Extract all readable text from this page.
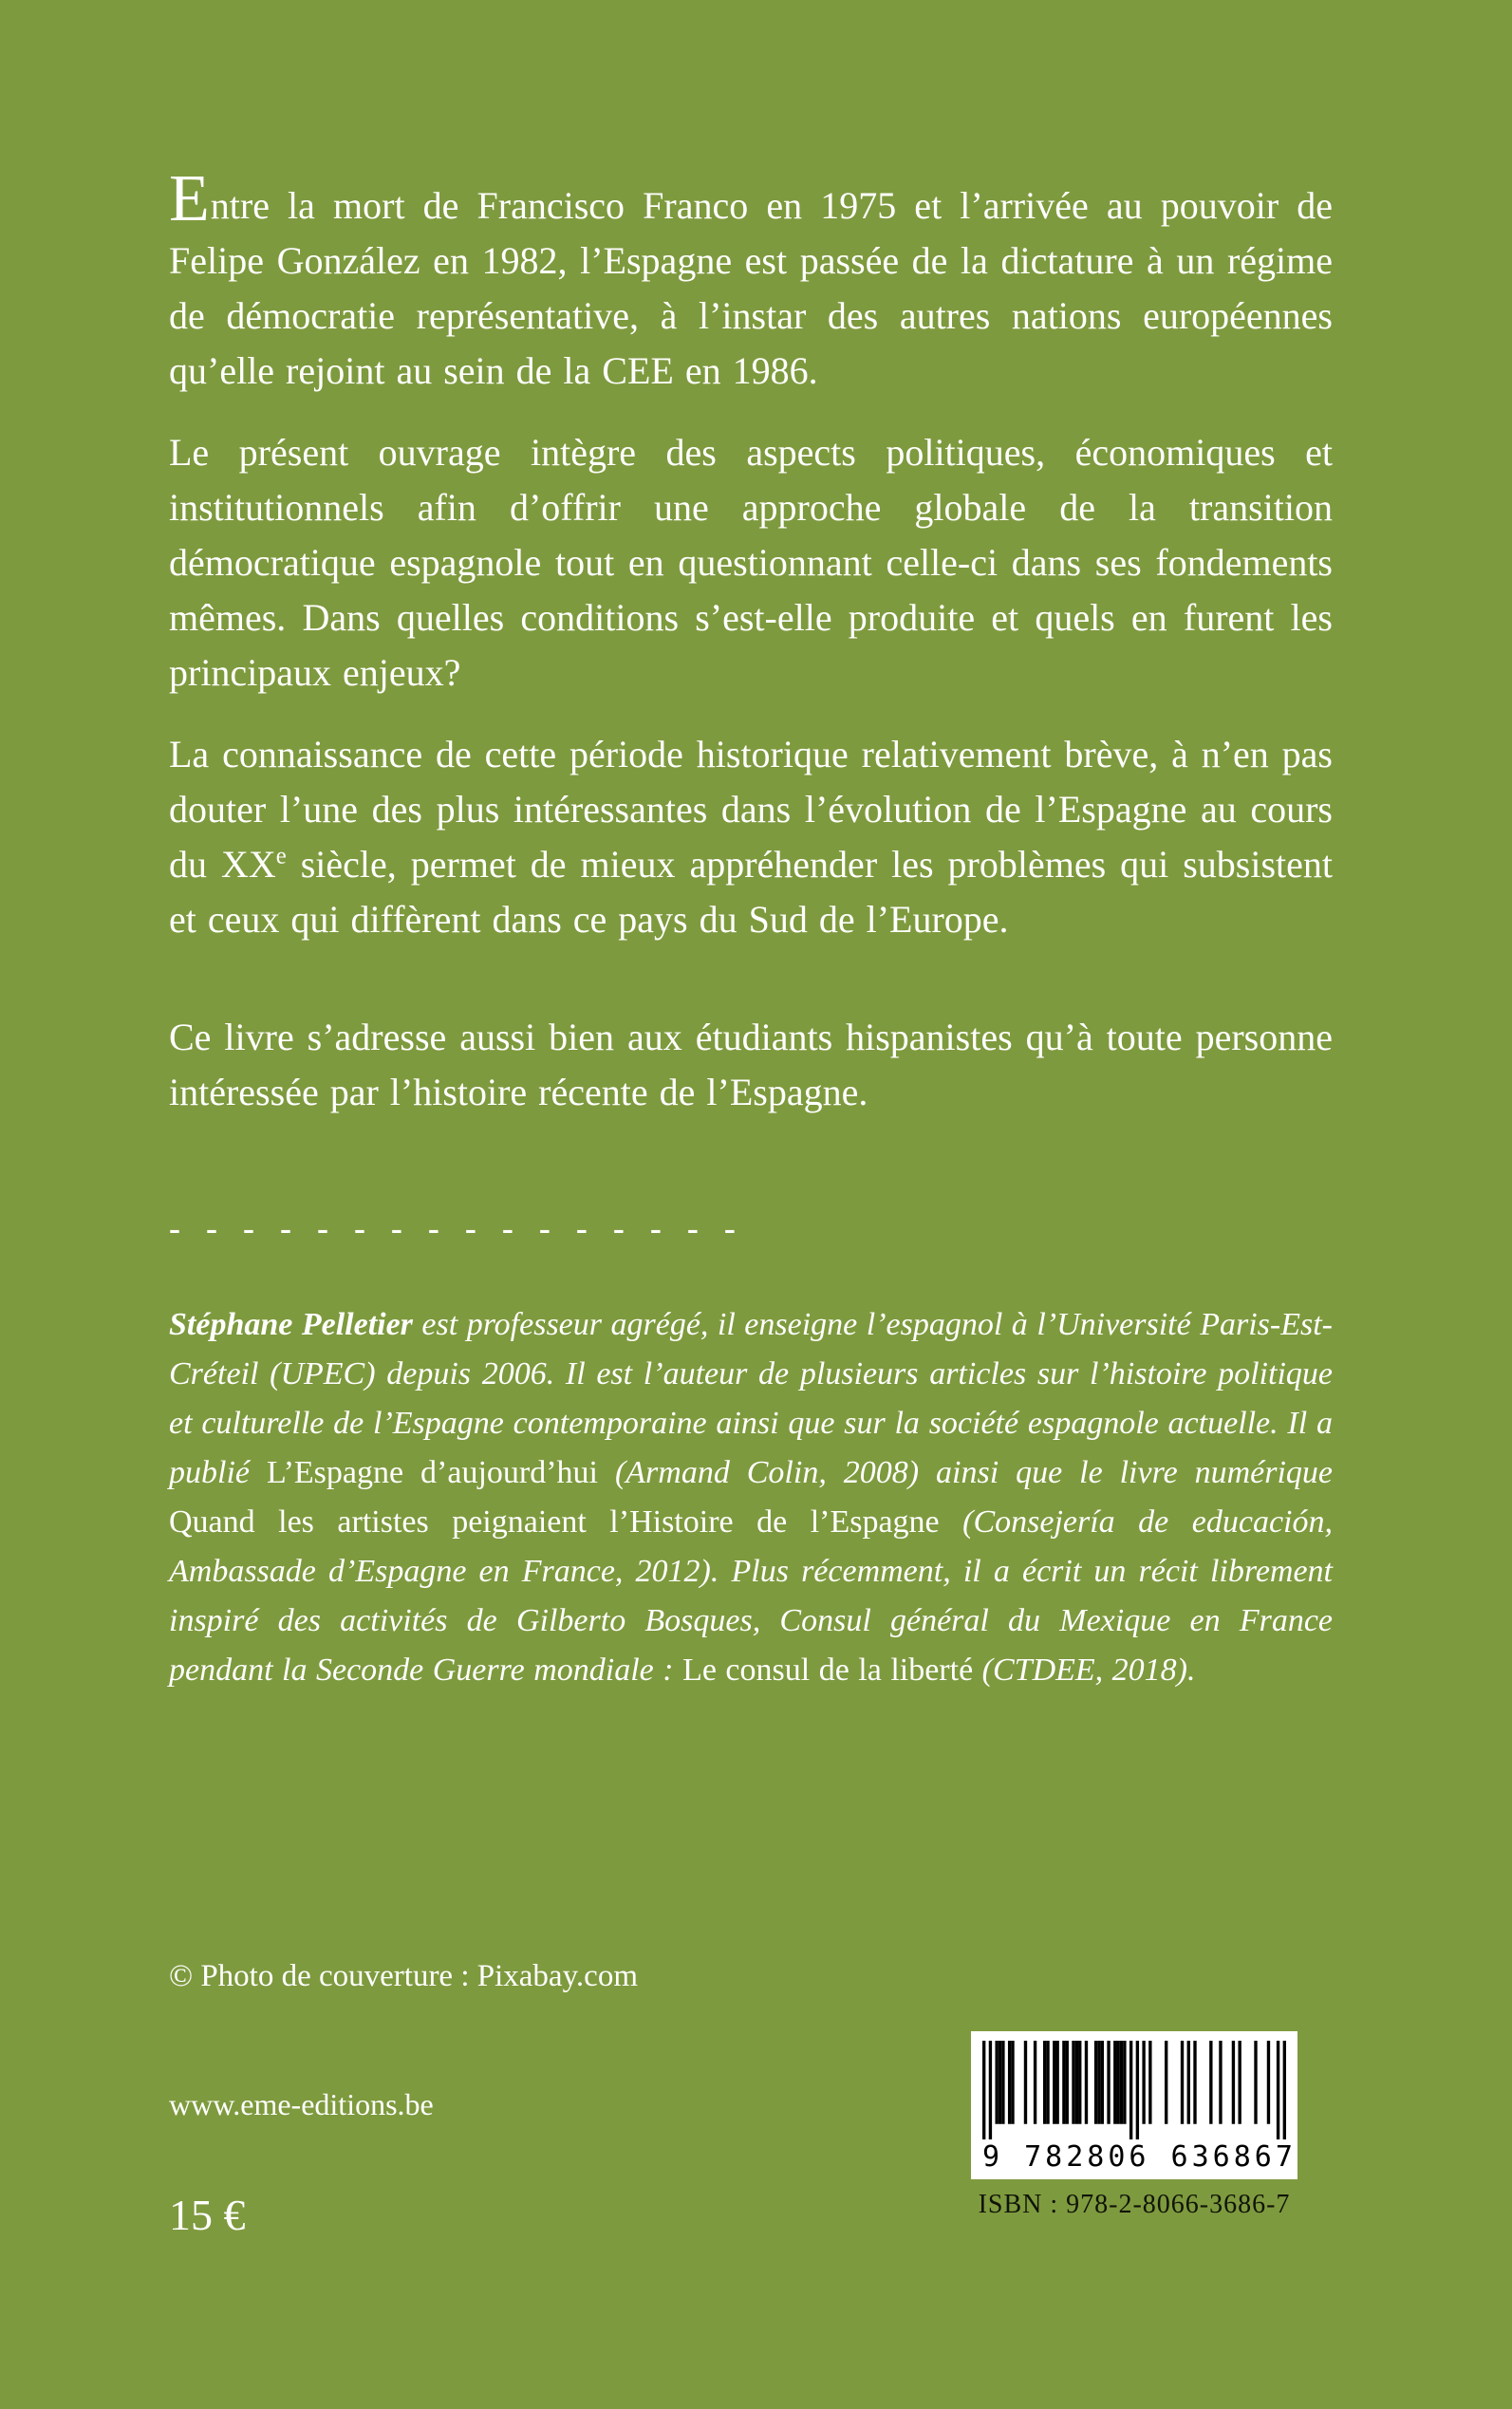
Entre la mort de Francisco Franco en 1975 et l’arrivée au pouvoir de Felipe González en 1982, l’Espagne est passée de la dictature à un régime de démocratie représentative, à l’instar des autres nations européennes qu’elle rejoint au sein de la CEE en 1986.

Le présent ouvrage intègre des aspects politiques, économiques et institutionnels afin d’offrir une approche globale de la transition démocratique espagnole tout en questionnant celle-ci dans ses fondements mêmes. Dans quelles conditions s’est-elle produite et quels en furent les principaux enjeux?

La connaissance de cette période historique relativement brève, à n’en pas douter l’une des plus intéressantes dans l’évolution de l’Espagne au cours du XXe siècle, permet de mieux appréhender les problèmes qui subsistent et ceux qui diffèrent dans ce pays du Sud de l’Europe.

Ce livre s’adresse aussi bien aux étudiants hispanistes qu’à toute personne intéressée par l’histoire récente de l’Espagne.

- - - - - - - - - - - - - - - -

Stéphane Pelletier est professeur agrégé, il enseigne l’espagnol à l’Université Paris-Est-Créteil (UPEC) depuis 2006. Il est l’auteur de plusieurs articles sur l’histoire politique et culturelle de l’Espagne contemporaine ainsi que sur la société espagnole actuelle. Il a publié L’Espagne d’aujourd’hui (Armand Colin, 2008) ainsi que le livre numérique Quand les artistes peignaient l’Histoire de l’Espagne (Consejería de educación, Ambassade d’Espagne en France, 2012). Plus récemment, il a écrit un récit librement inspiré des activités de Gilberto Bosques, Consul général du Mexique en France pendant la Seconde Guerre mondiale : Le consul de la liberté (CTDEE, 2018).

© Photo de couverture : Pixabay.com

www.eme-editions.be

15 €

9 782806 636867
ISBN : 978-2-8066-3686-7
